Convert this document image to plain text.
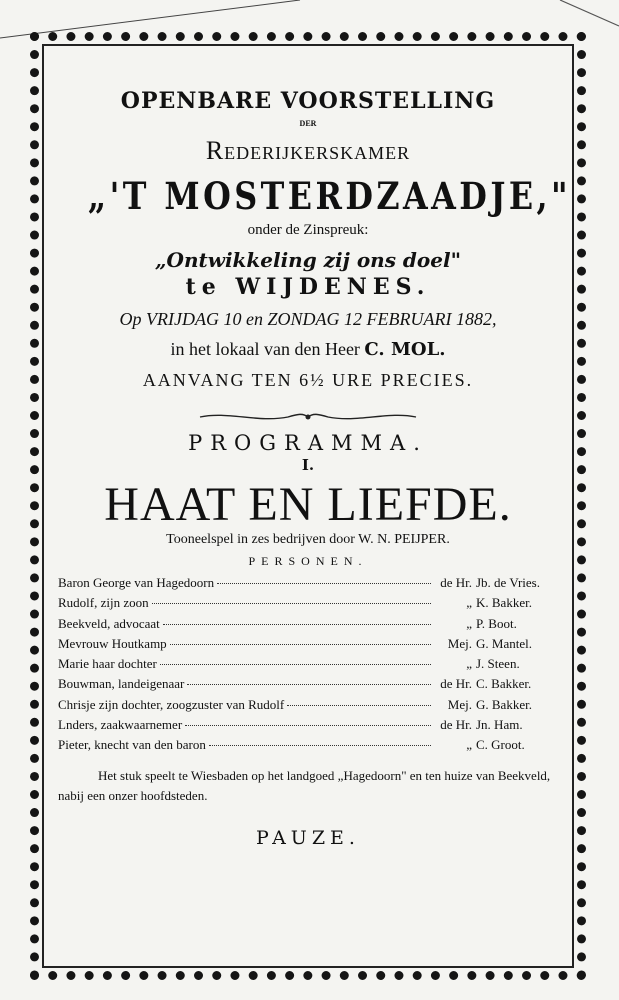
OPENBARE VOORSTELLING

DER

Rederijkerskamer

„'T MOSTERDZAADJE,"

onder de Zinspreuk:

„Ontwikkeling zij ons doel"

te WIJDENES.

Op VRIJDAG 10 en ZONDAG 12 FEBRUARI 1882,

in het lokaal van den Heer C. MOL.

AANVANG TEN 6½ URE PRECIES.

PROGRAMMA.

I.

HAAT EN LIEFDE.

Tooneelspel in zes bedrijven door W. N. PEIJPER.

PERSONEN.

Baron George van Hagedoorn	de Hr. Jb. de Vries.
Rudolf, zijn zoon	„ K. Bakker.
Beekveld, advocaat	„ P. Boot.
Mevrouw Houtkamp	Mej. G. Mantel.
Marie haar dochter	„ J. Steen.
Bouwman, landeigenaar	de Hr. C. Bakker.
Chrisje zijn dochter, zoogzuster van Rudolf	Mej. G. Bakker.
Lnders, zaakwaarnemer	de Hr. Jn. Ham.
Pieter, knecht van den baron	„ C. Groot.

Het stuk speelt te Wiesbaden op het landgoed „Hagedoorn" en ten huize van Beekveld, nabij een onzer hoofdsteden.

PAUZE.
